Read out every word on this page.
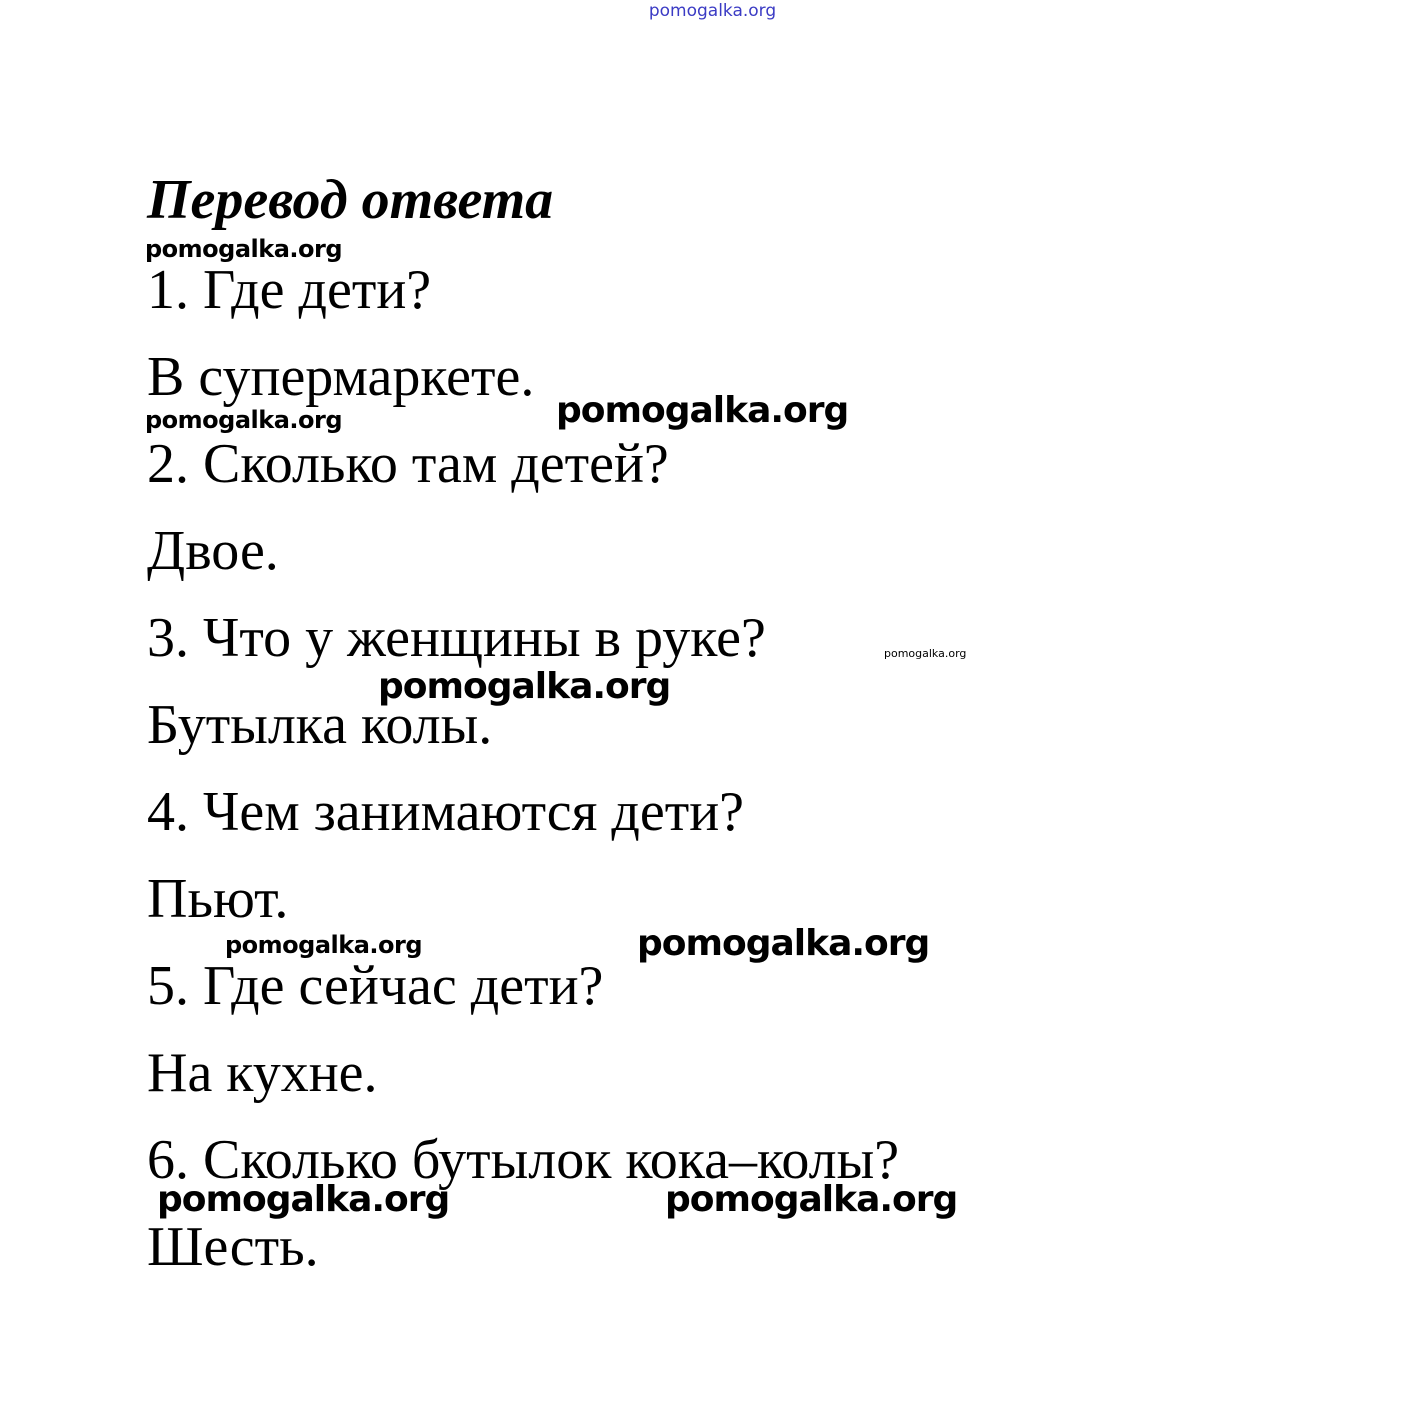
pomogalka.org
Перевод ответа
pomogalka.org
1. Где дети?
В супермаркете.
pomogalka.org	pomogalka.org
2. Сколько там детей?
Двое.
3. Что у женщины в руке?	pomogalka.org
pomogalka.org
Бутылка колы.
4. Чем занимаются дети?
Пьют.
pomogalka.org	pomogalka.org
5. Где сейчас дети?
На кухне.
6. Сколько бутылок кока–колы?
pomogalka.org	pomogalka.org
Шесть.
